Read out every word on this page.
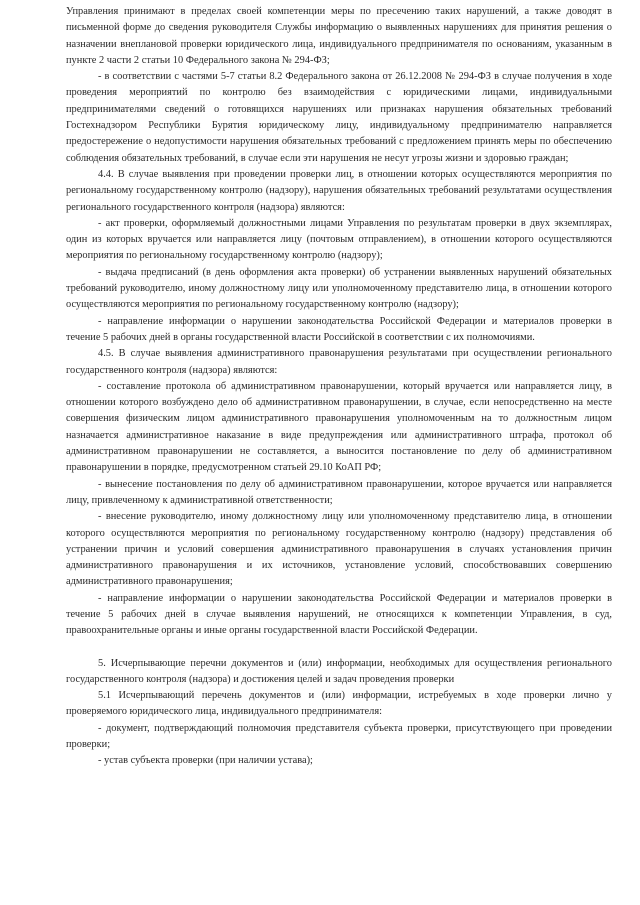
Управления принимают в пределах своей компетенции меры по пресечению таких нарушений, а также доводят в письменной форме до сведения руководителя Службы информацию о выявленных нарушениях для принятия решения о назначении внеплановой проверки юридического лица, индивидуального предпринимателя по основаниям, указанным в пункте 2 части 2 статьи 10 Федерального закона № 294-ФЗ;

- в соответствии с частями 5-7 статьи 8.2 Федерального закона от 26.12.2008 № 294-ФЗ в случае получения в ходе проведения мероприятий по контролю без взаимодействия с юридическими лицами, индивидуальными предпринимателями сведений о готовящихся нарушениях или признаках нарушения обязательных требований Гостехнадзором Республики Бурятия юридическому лицу, индивидуальному предпринимателю направляется предостережение о недопустимости нарушения обязательных требований с предложением принять меры по обеспечению соблюдения обязательных требований, в случае если эти нарушения не несут угрозы жизни и здоровью граждан;

4.4. В случае выявления при проведении проверки лиц, в отношении которых осуществляются мероприятия по региональному государственному контролю (надзору), нарушения обязательных требований результатами осуществления регионального государственного контроля (надзора) являются:

- акт проверки, оформляемый должностными лицами Управления по результатам проверки в двух экземплярах, один из которых вручается или направляется лицу (почтовым отправлением), в отношении которого осуществляются мероприятия по региональному государственному контролю (надзору);

- выдача предписаний (в день оформления акта проверки) об устранении выявленных нарушений обязательных требований руководителю, иному должностному лицу или уполномоченному представителю лица, в отношении которого осуществляются мероприятия по региональному государственному контролю (надзору);

- направление информации о нарушении законодательства Российской Федерации и материалов проверки в течение 5 рабочих дней в органы государственной власти Российской в соответствии с их полномочиями.

4.5. В случае выявления административного правонарушения результатами при осуществлении регионального государственного контроля (надзора) являются:

- составление протокола об административном правонарушении, который вручается или направляется лицу, в отношении которого возбуждено дело об административном правонарушении, в случае, если непосредственно на месте совершения физическим лицом административного правонарушения уполномоченным на то должностным лицом назначается административное наказание в виде предупреждения или административного штрафа, протокол об административном правонарушении не составляется, а выносится постановление по делу об административном правонарушении в порядке, предусмотренном статьей 29.10 КоАП РФ;

- вынесение постановления по делу об административном правонарушении, которое вручается или направляется лицу, привлеченному к административной ответственности;

- внесение руководителю, иному должностному лицу или уполномоченному представителю лица, в отношении которого осуществляются мероприятия по региональному государственному контролю (надзору) представления об устранении причин и условий совершения административного правонарушения в случаях установления причин административного правонарушения и их источников, установление условий, способствовавших совершению административного правонарушения;

- направление информации о нарушении законодательства Российской Федерации и материалов проверки в течение 5 рабочих дней в случае выявления нарушений, не относящихся к компетенции Управления, в суд, правоохранительные органы и иные органы государственной власти Российской Федерации.

5. Исчерпывающие перечни документов и (или) информации, необходимых для осуществления регионального государственного контроля (надзора) и достижения целей и задач проведения проверки

5.1 Исчерпывающий перечень документов и (или) информации, истребуемых в ходе проверки лично у проверяемого юридического лица, индивидуального предпринимателя:

- документ, подтверждающий полномочия представителя субъекта проверки, присутствующего при проведении проверки;

- устав субъекта проверки (при наличии устава);
